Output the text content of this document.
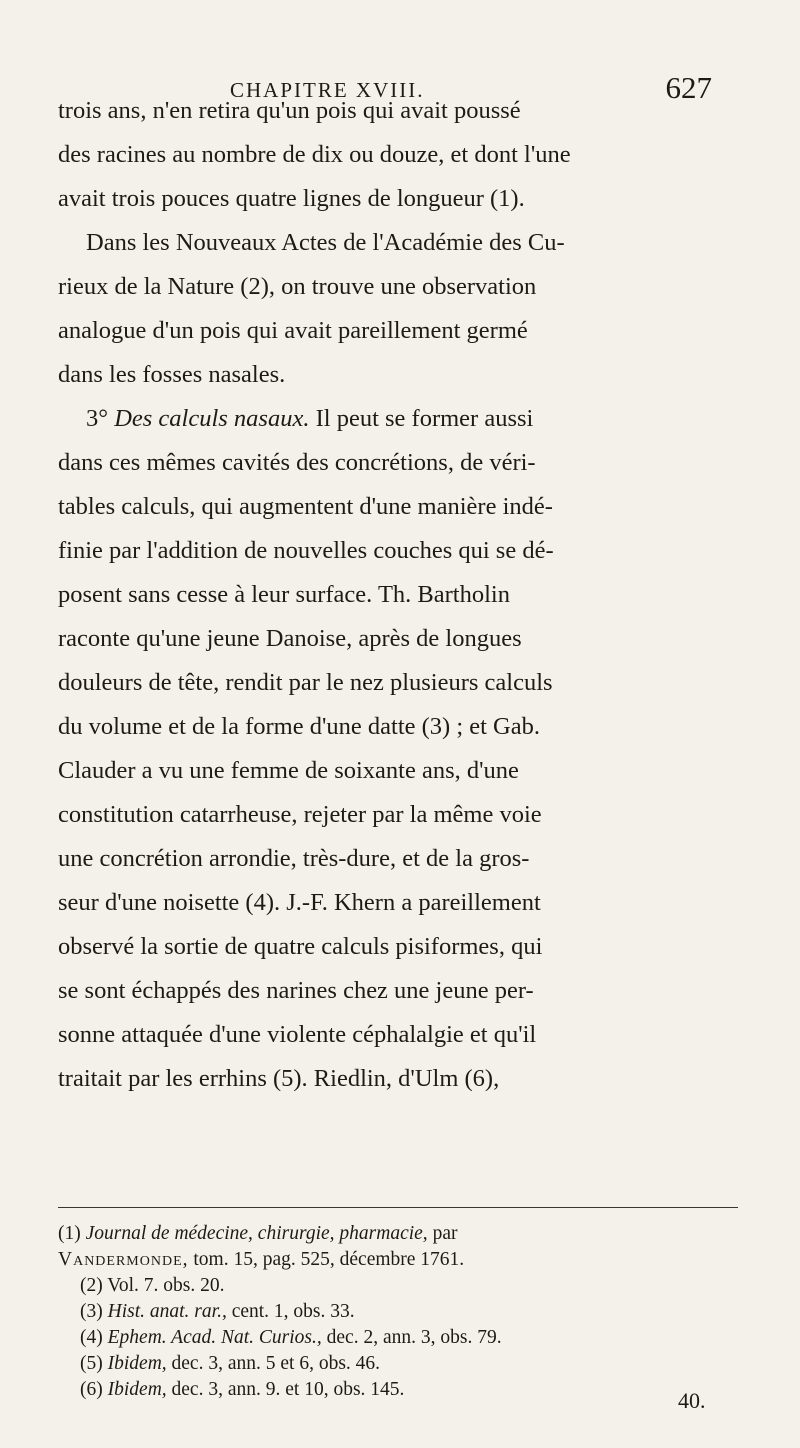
CHAPITRE XVIII.	627
trois ans, n'en retira qu'un pois qui avait poussé
des racines au nombre de dix ou douze, et dont l'une
avait trois pouces quatre lignes de longueur (1).
Dans les Nouveaux Actes de l'Académie des Cu-
rieux de la Nature (2), on trouve une observation
analogue d'un pois qui avait pareillement germé
dans les fosses nasales.
3° Des calculs nasaux. Il peut se former aussi
dans ces mêmes cavités des concrétions, de véri-
tables calculs, qui augmentent d'une manière indé-
finie par l'addition de nouvelles couches qui se dé-
posent sans cesse à leur surface. Th. Bartholin
raconte qu'une jeune Danoise, après de longues
douleurs de tête, rendit par le nez plusieurs calculs
du volume et de la forme d'une datte (3) ; et Gab.
Clauder a vu une femme de soixante ans, d'une
constitution catarrheuse, rejeter par la même voie
une concrétion arrondie, très-dure, et de la gros-
seur d'une noisette (4). J.-F. Khern a pareillement
observé la sortie de quatre calculs pisiformes, qui
se sont échappés des narines chez une jeune per-
sonne attaquée d'une violente céphalalgie et qu'il
traitait par les errhins (5). Riedlin, d'Ulm (6),
(1) Journal de médecine, chirurgie, pharmacie, par
Vandermonde, tom. 15, pag. 525, décembre 1761.
(2) Vol. 7. obs. 20.
(3) Hist. anat. rar., cent. 1, obs. 33.
(4) Ephem. Acad. Nat. Curios., dec. 2, ann. 3, obs. 79.
(5) Ibidem, dec. 3, ann. 5 et 6, obs. 46.
(6) Ibidem, dec. 3, ann. 9. et 10, obs. 145.	40.
